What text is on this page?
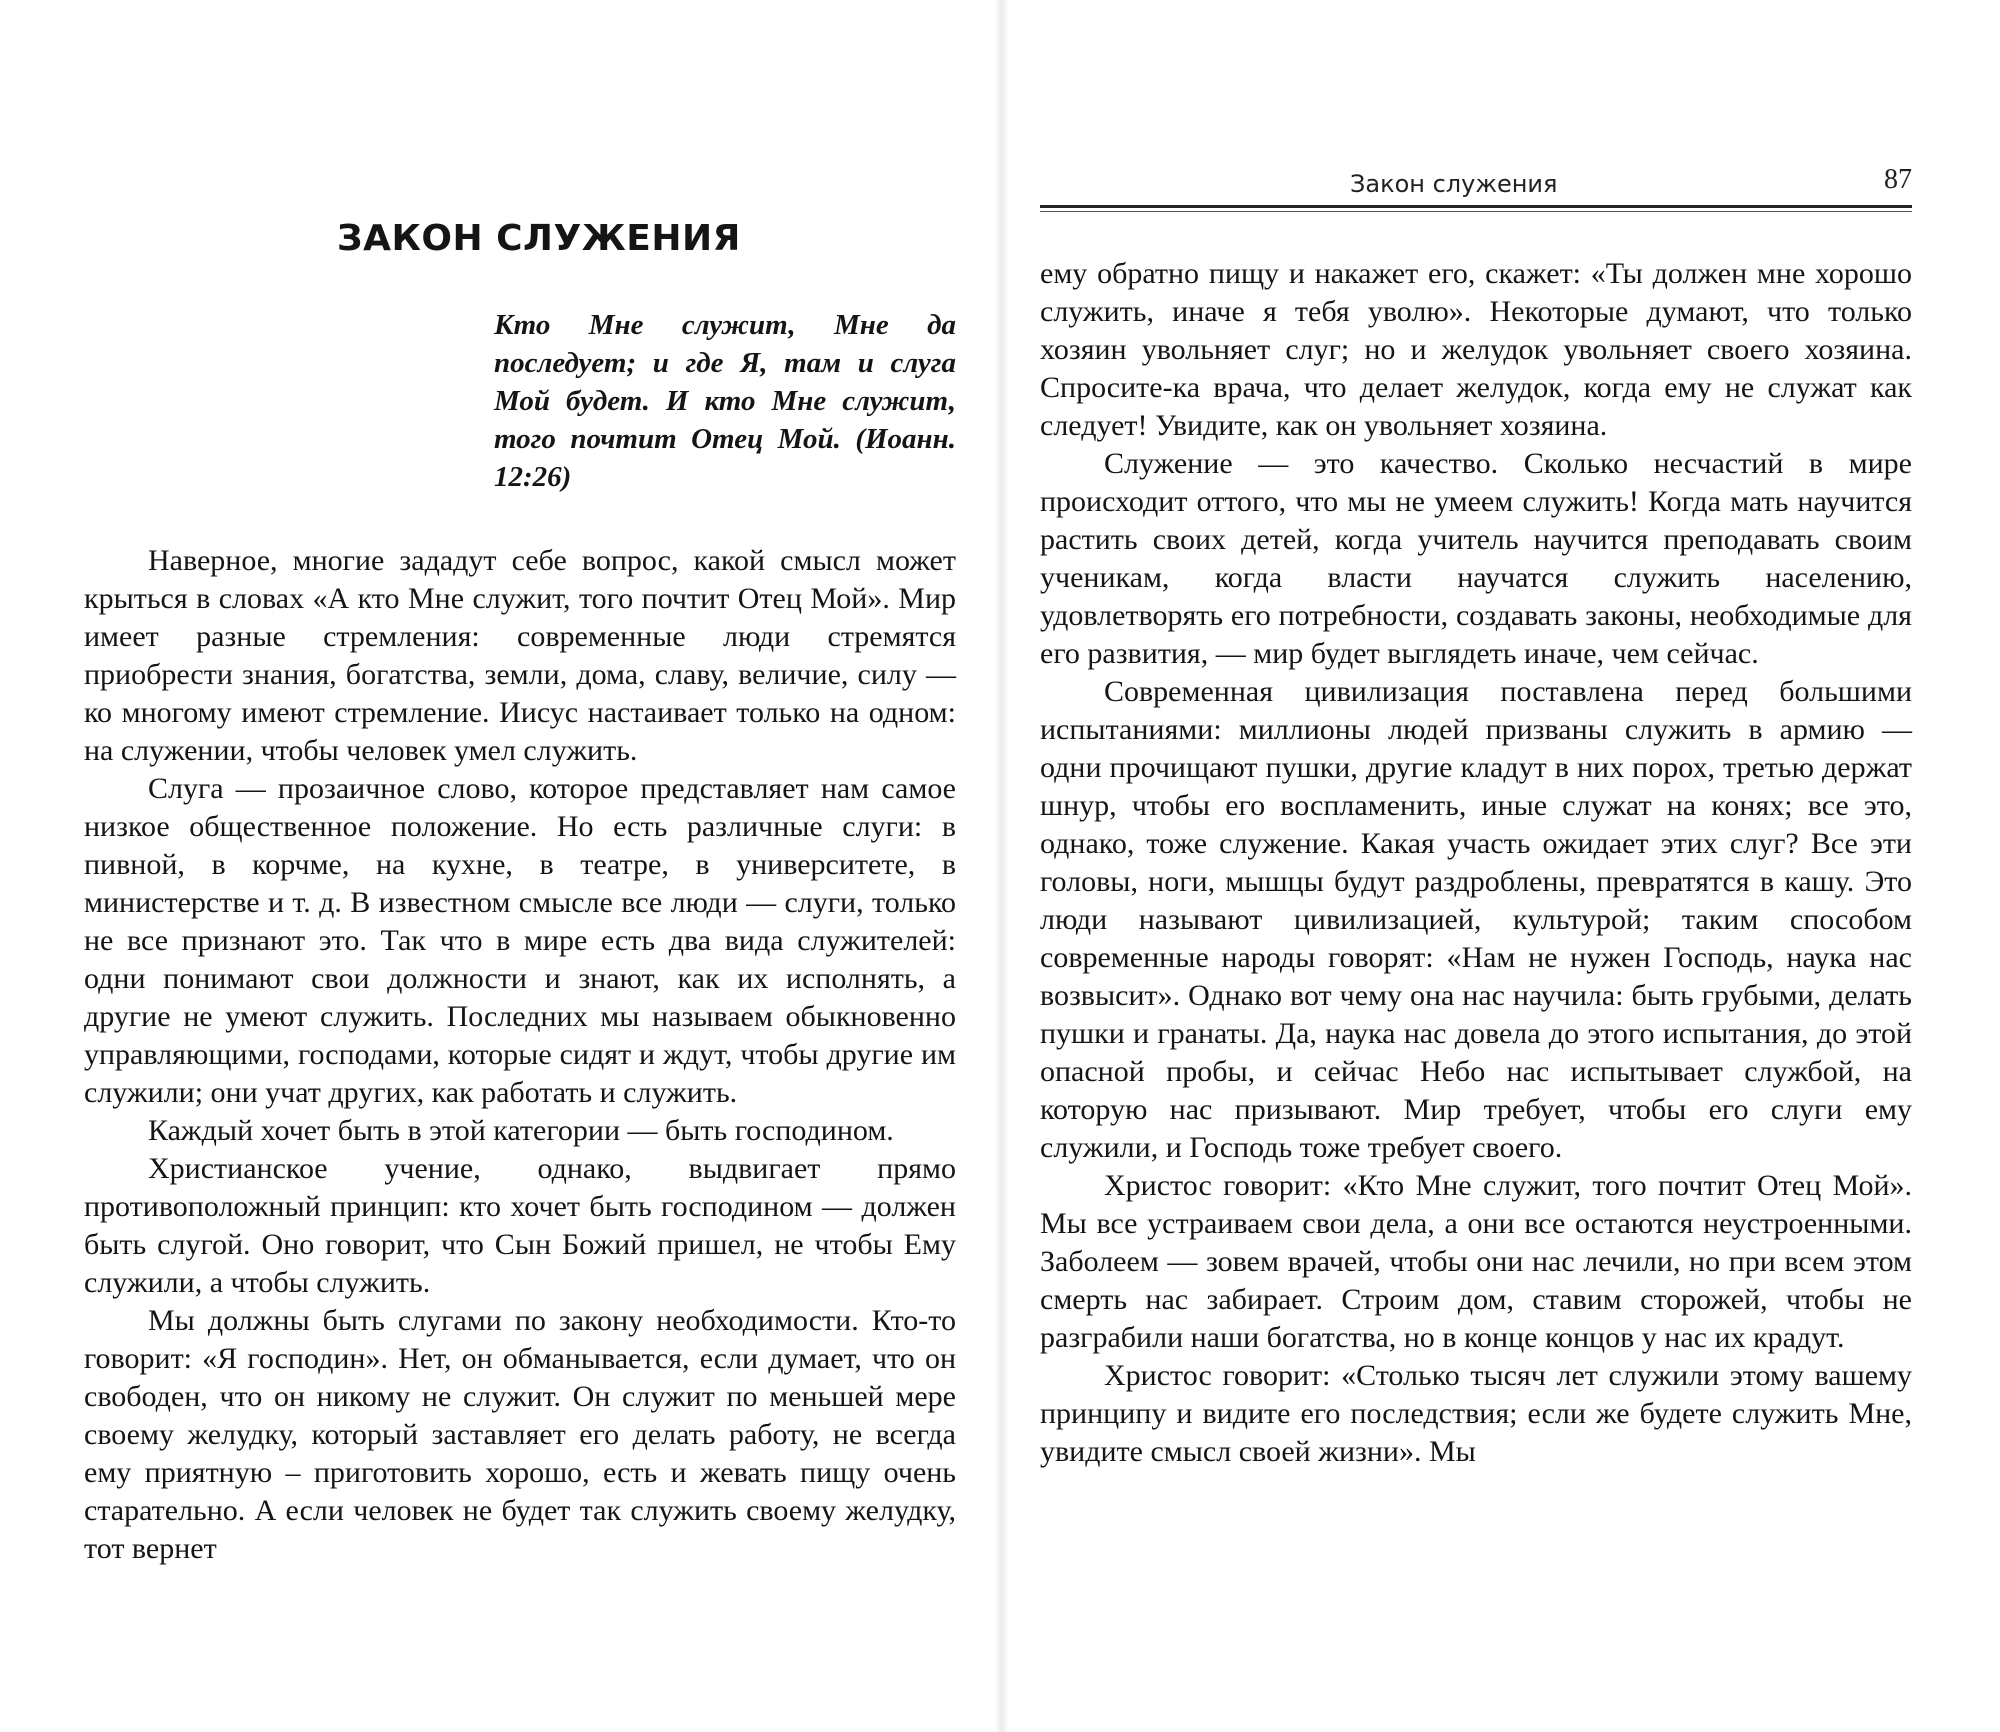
ЗАКОН СЛУЖЕНИЯ

Кто Мне служит, Мне да последует; и где Я, там и слуга Мой будет. И кто Мне служит, того почтит Отец Мой. (Иоанн. 12:26)

Наверное, многие зададут себе вопрос, какой смысл может крыться в словах «А кто Мне служит, того почтит Отец Мой». Мир имеет разные стремления: современные люди стремятся приобрести знания, богатства, земли, дома, славу, величие, силу — ко многому имеют стремление. Иисус настаивает только на одном: на служении, чтобы человек умел служить.

Слуга — прозаичное слово, которое представляет нам самое низкое общественное положение. Но есть различные слуги: в пивной, в корчме, на кухне, в театре, в университете, в министерстве и т. д. В известном смысле все люди — слуги, только не все признают это. Так что в мире есть два вида служителей: одни понимают свои должности и знают, как их исполнять, а другие не умеют служить. Последних мы называем обыкновенно управляющими, господами, которые сидят и ждут, чтобы другие им служили; они учат других, как работать и служить.

Каждый хочет быть в этой категории — быть господином.

Христианское учение, однако, выдвигает прямо противоположный принцип: кто хочет быть господином — должен быть слугой. Оно говорит, что Сын Божий пришел, не чтобы Ему служили, а чтобы служить.

Мы должны быть слугами по закону необходимости. Кто-то говорит: «Я господин». Нет, он обманывается, если думает, что он свободен, что он никому не служит. Он служит по меньшей мере своему желудку, который заставляет его делать работу, не всегда ему приятную – приготовить хорошо, есть и жевать пищу очень старательно. А если человек не будет так служить своему желудку, тот вернет

Закон служения	87

ему обратно пищу и накажет его, скажет: «Ты должен мне хорошо служить, иначе я тебя уволю». Некоторые думают, что только хозяин увольняет слуг; но и желудок увольняет своего хозяина. Спросите-ка врача, что делает желудок, когда ему не служат как следует! Увидите, как он увольняет хозяина.

Служение — это качество. Сколько несчастий в мире происходит оттого, что мы не умеем служить! Когда мать научится растить своих детей, когда учитель научится преподавать своим ученикам, когда власти научатся служить населению, удовлетворять его потребности, создавать законы, необходимые для его развития, — мир будет выглядеть иначе, чем сейчас.

Современная цивилизация поставлена перед большими испытаниями: миллионы людей призваны служить в армию — одни прочищают пушки, другие кладут в них порох, третью держат шнур, чтобы его воспламенить, иные служат на конях; все это, однако, тоже служение. Какая участь ожидает этих слуг? Все эти головы, ноги, мышцы будут раздроблены, превратятся в кашу. Это люди называют цивилизацией, культурой; таким способом современные народы говорят: «Нам не нужен Господь, наука нас возвысит». Однако вот чему она нас научила: быть грубыми, делать пушки и гранаты. Да, наука нас довела до этого испытания, до этой опасной пробы, и сейчас Небо нас испытывает службой, на которую нас призывают. Мир требует, чтобы его слуги ему служили, и Господь тоже требует своего.

Христос говорит: «Кто Мне служит, того почтит Отец Мой». Мы все устраиваем свои дела, а они все остаются неустроенными. Заболеем — зовем врачей, чтобы они нас лечили, но при всем этом смерть нас забирает. Строим дом, ставим сторожей, чтобы не разграбили наши богатства, но в конце концов у нас их крадут.

Христос говорит: «Столько тысяч лет служили этому вашему принципу и видите его последствия; если же будете служить Мне, увидите смысл своей жизни». Мы
